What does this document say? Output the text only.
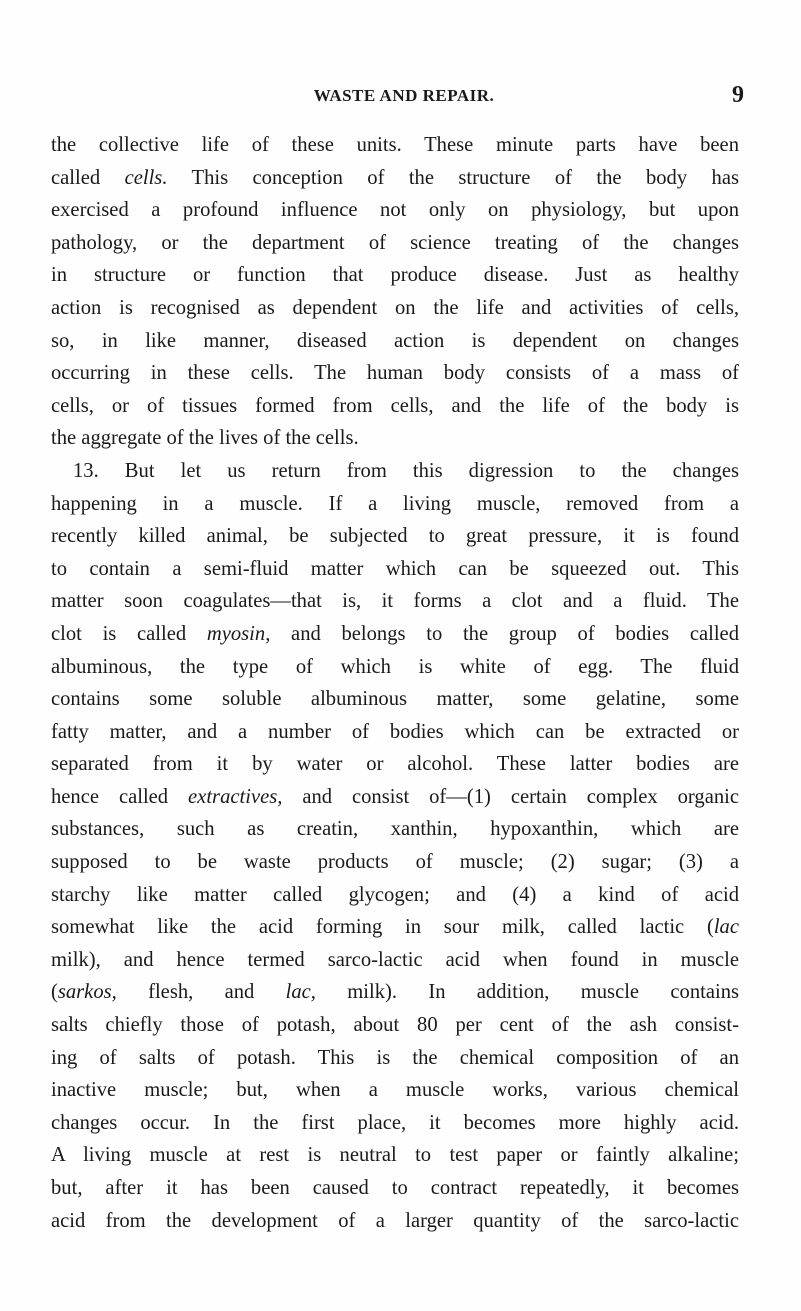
WASTE AND REPAIR.	9
the collective life of these units. These minute parts have been
called cells. This conception of the structure of the body has
exercised a profound influence not only on physiology, but upon
pathology, or the department of science treating of the changes
in structure or function that produce disease. Just as healthy
action is recognised as dependent on the life and activities of cells,
so, in like manner, diseased action is dependent on changes
occurring in these cells. The human body consists of a mass of
cells, or of tissues formed from cells, and the life of the body is
the aggregate of the lives of the cells.
13. But let us return from this digression to the changes
happening in a muscle. If a living muscle, removed from a
recently killed animal, be subjected to great pressure, it is found
to contain a semi-fluid matter which can be squeezed out. This
matter soon coagulates—that is, it forms a clot and a fluid. The
clot is called myosin, and belongs to the group of bodies called
albuminous, the type of which is white of egg. The fluid
contains some soluble albuminous matter, some gelatine, some
fatty matter, and a number of bodies which can be extracted or
separated from it by water or alcohol. These latter bodies are
hence called extractives, and consist of—(1) certain complex organic
substances, such as creatin, xanthin, hypoxanthin, which are
supposed to be waste products of muscle; (2) sugar; (3) a
starchy like matter called glycogen; and (4) a kind of acid
somewhat like the acid forming in sour milk, called lactic (lac
milk), and hence termed sarco-lactic acid when found in muscle
(sarkos, flesh, and lac, milk). In addition, muscle contains
salts chiefly those of potash, about 80 per cent of the ash consist-
ing of salts of potash. This is the chemical composition of an
inactive muscle; but, when a muscle works, various chemical
changes occur. In the first place, it becomes more highly acid.
A living muscle at rest is neutral to test paper or faintly alkaline;
but, after it has been caused to contract repeatedly, it becomes
acid from the development of a larger quantity of the sarco-lactic
